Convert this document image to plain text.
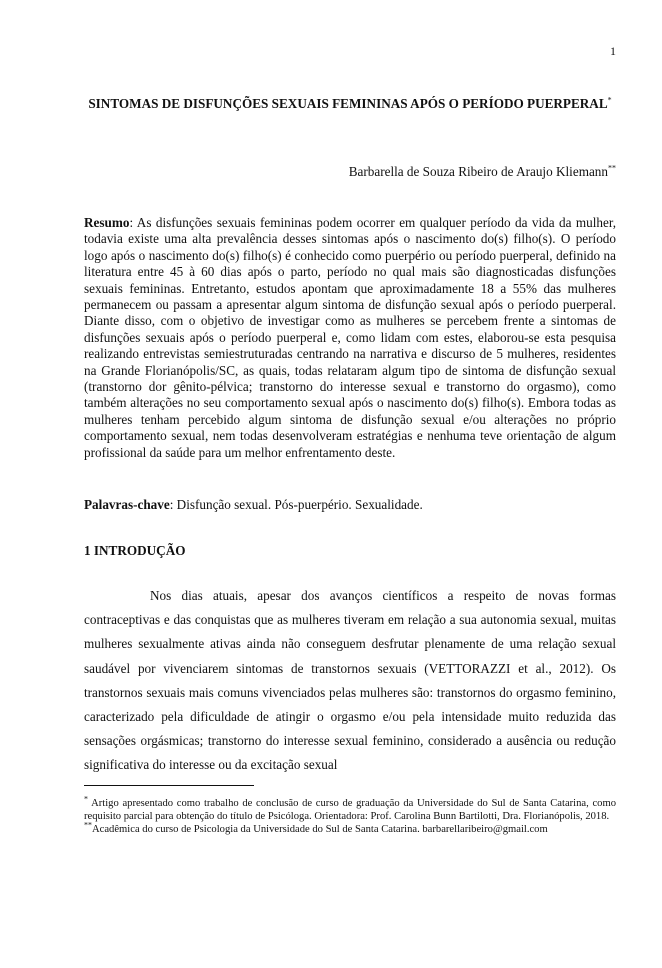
1
SINTOMAS DE DISFUNÇÕES SEXUAIS FEMININAS APÓS O PERÍODO PUERPERAL*
Barbarella de Souza Ribeiro de Araujo Kliemann**
Resumo: As disfunções sexuais femininas podem ocorrer em qualquer período da vida da mulher, todavia existe uma alta prevalência desses sintomas após o nascimento do(s) filho(s). O período logo após o nascimento do(s) filho(s) é conhecido como puerpério ou período puerperal, definido na literatura entre 45 à 60 dias após o parto, período no qual mais são diagnosticadas disfunções sexuais femininas. Entretanto, estudos apontam que aproximadamente 18 a 55% das mulheres permanecem ou passam a apresentar algum sintoma de disfunção sexual após o período puerperal. Diante disso, com o objetivo de investigar como as mulheres se percebem frente a sintomas de disfunções sexuais após o período puerperal e, como lidam com estes, elaborou-se esta pesquisa realizando entrevistas semiestruturadas centrando na narrativa e discurso de 5 mulheres, residentes na Grande Florianópolis/SC, as quais, todas relataram algum tipo de sintoma de disfunção sexual (transtorno dor gênito-pélvica; transtorno do interesse sexual e transtorno do orgasmo), como também alterações no seu comportamento sexual após o nascimento do(s) filho(s). Embora todas as mulheres tenham percebido algum sintoma de disfunção sexual e/ou alterações no próprio comportamento sexual, nem todas desenvolveram estratégias e nenhuma teve orientação de algum profissional da saúde para um melhor enfrentamento deste.
Palavras-chave: Disfunção sexual. Pós-puerpério. Sexualidade.
1 INTRODUÇÃO
Nos dias atuais, apesar dos avanços científicos a respeito de novas formas contraceptivas e das conquistas que as mulheres tiveram em relação a sua autonomia sexual, muitas mulheres sexualmente ativas ainda não conseguem desfrutar plenamente de uma relação sexual saudável por vivenciarem sintomas de transtornos sexuais (VETTORAZZI et al., 2012). Os transtornos sexuais mais comuns vivenciados pelas mulheres são: transtornos do orgasmo feminino, caracterizado pela dificuldade de atingir o orgasmo e/ou pela intensidade muito reduzida das sensações orgásmicas; transtorno do interesse sexual feminino, considerado a ausência ou redução significativa do interesse ou da excitação sexual

* Artigo apresentado como trabalho de conclusão de curso de graduação da Universidade do Sul de Santa Catarina, como requisito parcial para obtenção do título de Psicóloga. Orientadora: Prof. Carolina Bunn Bartilotti, Dra. Florianópolis, 2018.

**Acadêmica do curso de Psicologia da Universidade do Sul de Santa Catarina. barbarellaribeiro@gmail.com
